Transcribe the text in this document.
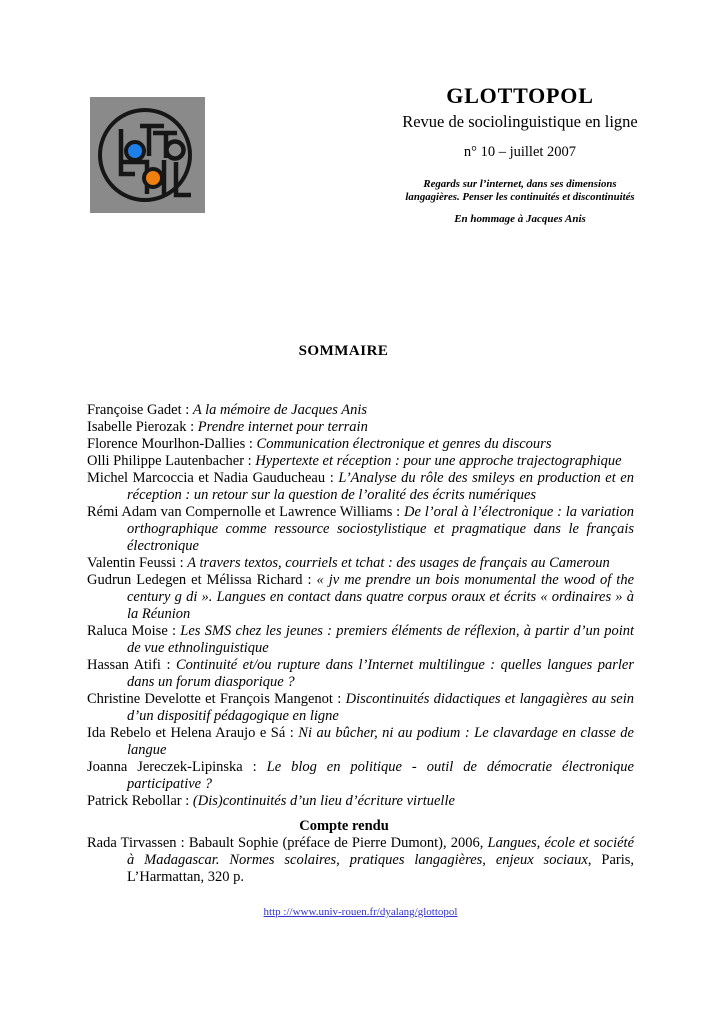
GLOTTOPOL
Revue de sociolinguistique en ligne
n° 10 – juillet 2007
Regards sur l’internet, dans ses dimensions
langagières. Penser les continuités et discontinuités
En hommage à Jacques Anis
SOMMAIRE

Françoise Gadet : A la mémoire de Jacques Anis

Isabelle Pierozak : Prendre internet pour terrain

Florence Mourlhon-Dallies : Communication électronique et genres du discours

Olli Philippe Lautenbacher : Hypertexte et réception : pour une approche trajectographique

Michel Marcoccia et Nadia Gauducheau : L’Analyse du rôle des smileys en production et en réception : un retour sur la question de l’oralité des écrits numériques

Rémi Adam van Compernolle et Lawrence Williams : De l’oral à l’électronique : la variation orthographique comme ressource sociostylistique et pragmatique dans le français électronique

Valentin Feussi : A travers textos, courriels et tchat : des usages de français au Cameroun

Gudrun Ledegen et Mélissa Richard : « jv me prendre un bois monumental the wood of the century g di ». Langues en contact dans quatre corpus oraux et écrits « ordinaires » à la Réunion

Raluca Moise : Les SMS chez les jeunes : premiers éléments de réflexion, à partir d’un point de vue ethnolinguistique

Hassan Atifi : Continuité et/ou rupture dans l’Internet multilingue : quelles langues parler dans un forum diasporique ?

Christine Develotte et François Mangenot : Discontinuités didactiques et langagières au sein d’un dispositif pédagogique en ligne

Ida Rebelo et Helena Araujo e Sá : Ni au bûcher, ni au podium : Le clavardage en classe de langue

Joanna Jereczek-Lipinska : Le blog en politique - outil de démocratie électronique participative ?

Patrick Rebollar : (Dis)continuités d’un lieu d’écriture virtuelle

Compte rendu

Rada Tirvassen : Babault Sophie (préface de Pierre Dumont), 2006, Langues, école et société à Madagascar. Normes scolaires, pratiques langagières, enjeux sociaux, Paris, L’Harmattan, 320 p.

http ://www.univ-rouen.fr/dyalang/glottopol
